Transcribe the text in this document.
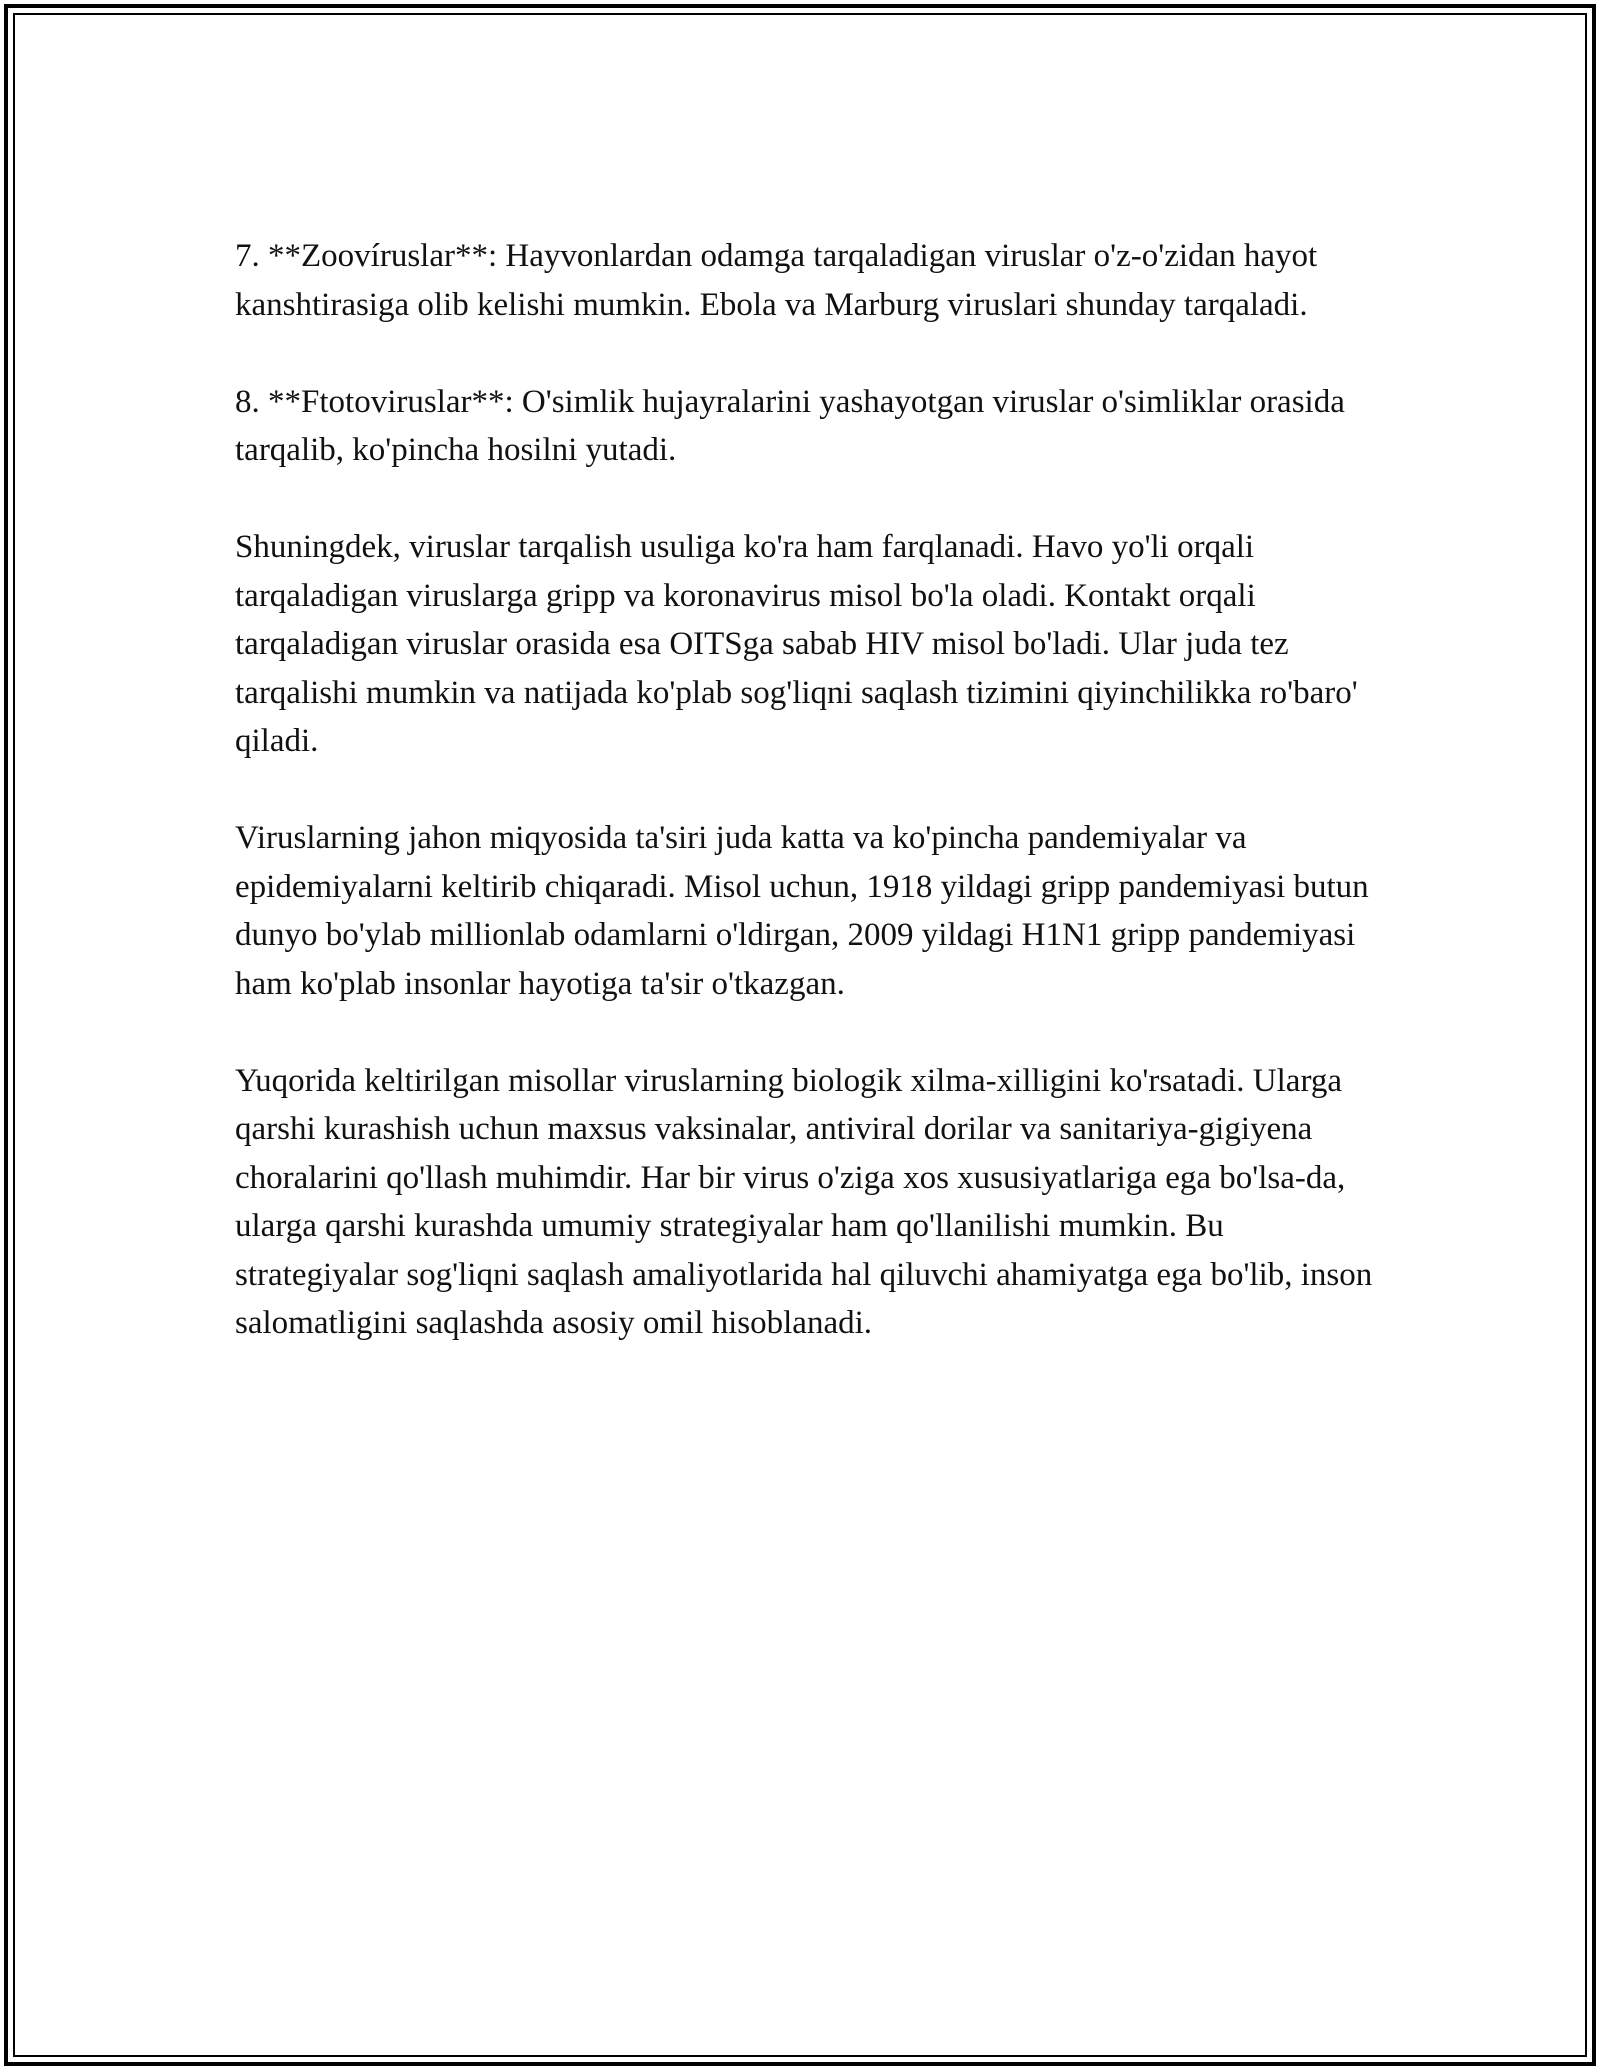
7. **Zoovíruslar**: Hayvonlardan odamga tarqaladigan viruslar o'z-o'zidan hayot kanshtirasiga olib kelishi mumkin. Ebola va Marburg viruslari shunday tarqaladi.

8. **Ftotoviruslar**: O'simlik hujayralarini yashayotgan viruslar o'simliklar orasida tarqalib, ko'pincha hosilni yutadi.

Shuningdek, viruslar tarqalish usuliga ko'ra ham farqlanadi. Havo yo'li orqali tarqaladigan viruslarga gripp va koronavirus misol bo'la oladi. Kontakt orqali tarqaladigan viruslar orasida esa OITSga sabab HIV misol bo'ladi. Ular juda tez tarqalishi mumkin va natijada ko'plab sog'liqni saqlash tizimini qiyinchilikka ro'baro' qiladi.

Viruslarning jahon miqyosida ta'siri juda katta va ko'pincha pandemiyalar va epidemiyalarni keltirib chiqaradi. Misol uchun, 1918 yildagi gripp pandemiyasi butun dunyo bo'ylab millionlab odamlarni o'ldirgan, 2009 yildagi H1N1 gripp pandemiyasi ham ko'plab insonlar hayotiga ta'sir o'tkazgan.

Yuqorida keltirilgan misollar viruslarning biologik xilma-xilligini ko'rsatadi. Ularga qarshi kurashish uchun maxsus vaksinalar, antiviral dorilar va sanitariya-gigiyena choralarini qo'llash muhimdir. Har bir virus o'ziga xos xususiyatlariga ega bo'lsa-da, ularga qarshi kurashda umumiy strategiyalar ham qo'llanilishi mumkin. Bu strategiyalar sog'liqni saqlash amaliyotlarida hal qiluvchi ahamiyatga ega bo'lib, inson salomatligini saqlashda asosiy omil hisoblanadi.
